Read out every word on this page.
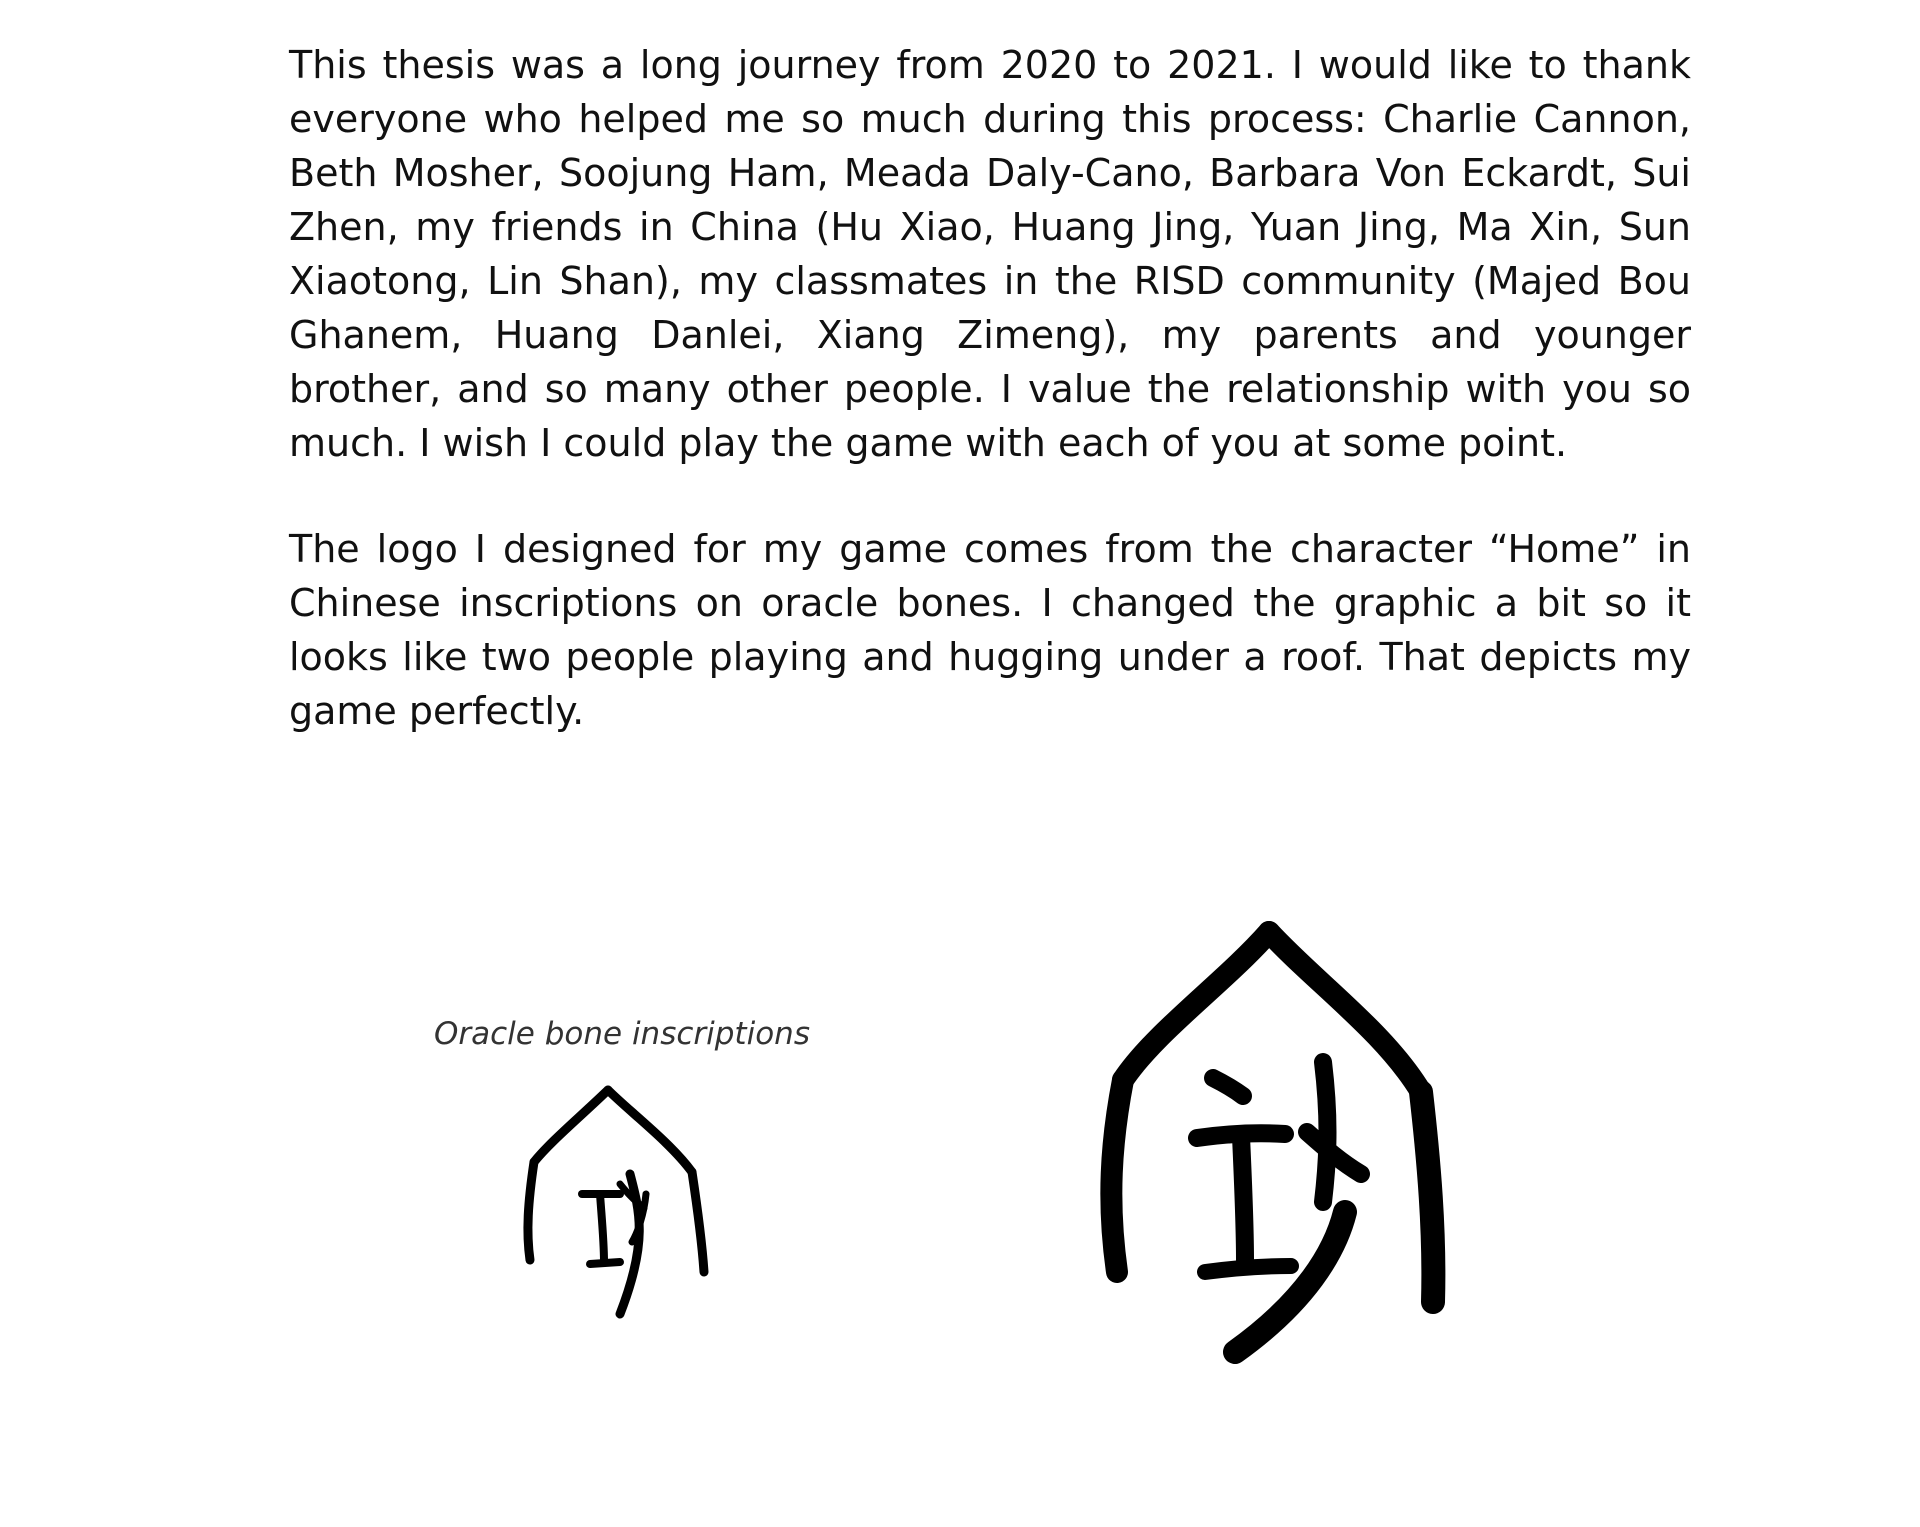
This thesis was a long journey from 2020 to 2021. I would like to thank everyone who helped me so much during this process: Charlie Cannon, Beth Mosher, Soojung Ham, Meada Daly-Cano, Barbara Von Eckardt, Sui Zhen, my friends in China (Hu Xiao, Huang Jing, Yuan Jing, Ma Xin, Sun Xiaotong, Lin Shan), my classmates in the RISD community (Majed Bou Ghanem, Huang Danlei, Xiang Zimeng), my parents and younger brother, and so many other people. I value the relationship with you so much. I wish I could play the game with each of you at some point.

The logo I designed for my game comes from the character “Home” in Chinese inscriptions on oracle bones. I changed the graphic a bit so it looks like two people playing and hugging under a roof. That depicts my game perfectly.

Oracle bone inscriptions
